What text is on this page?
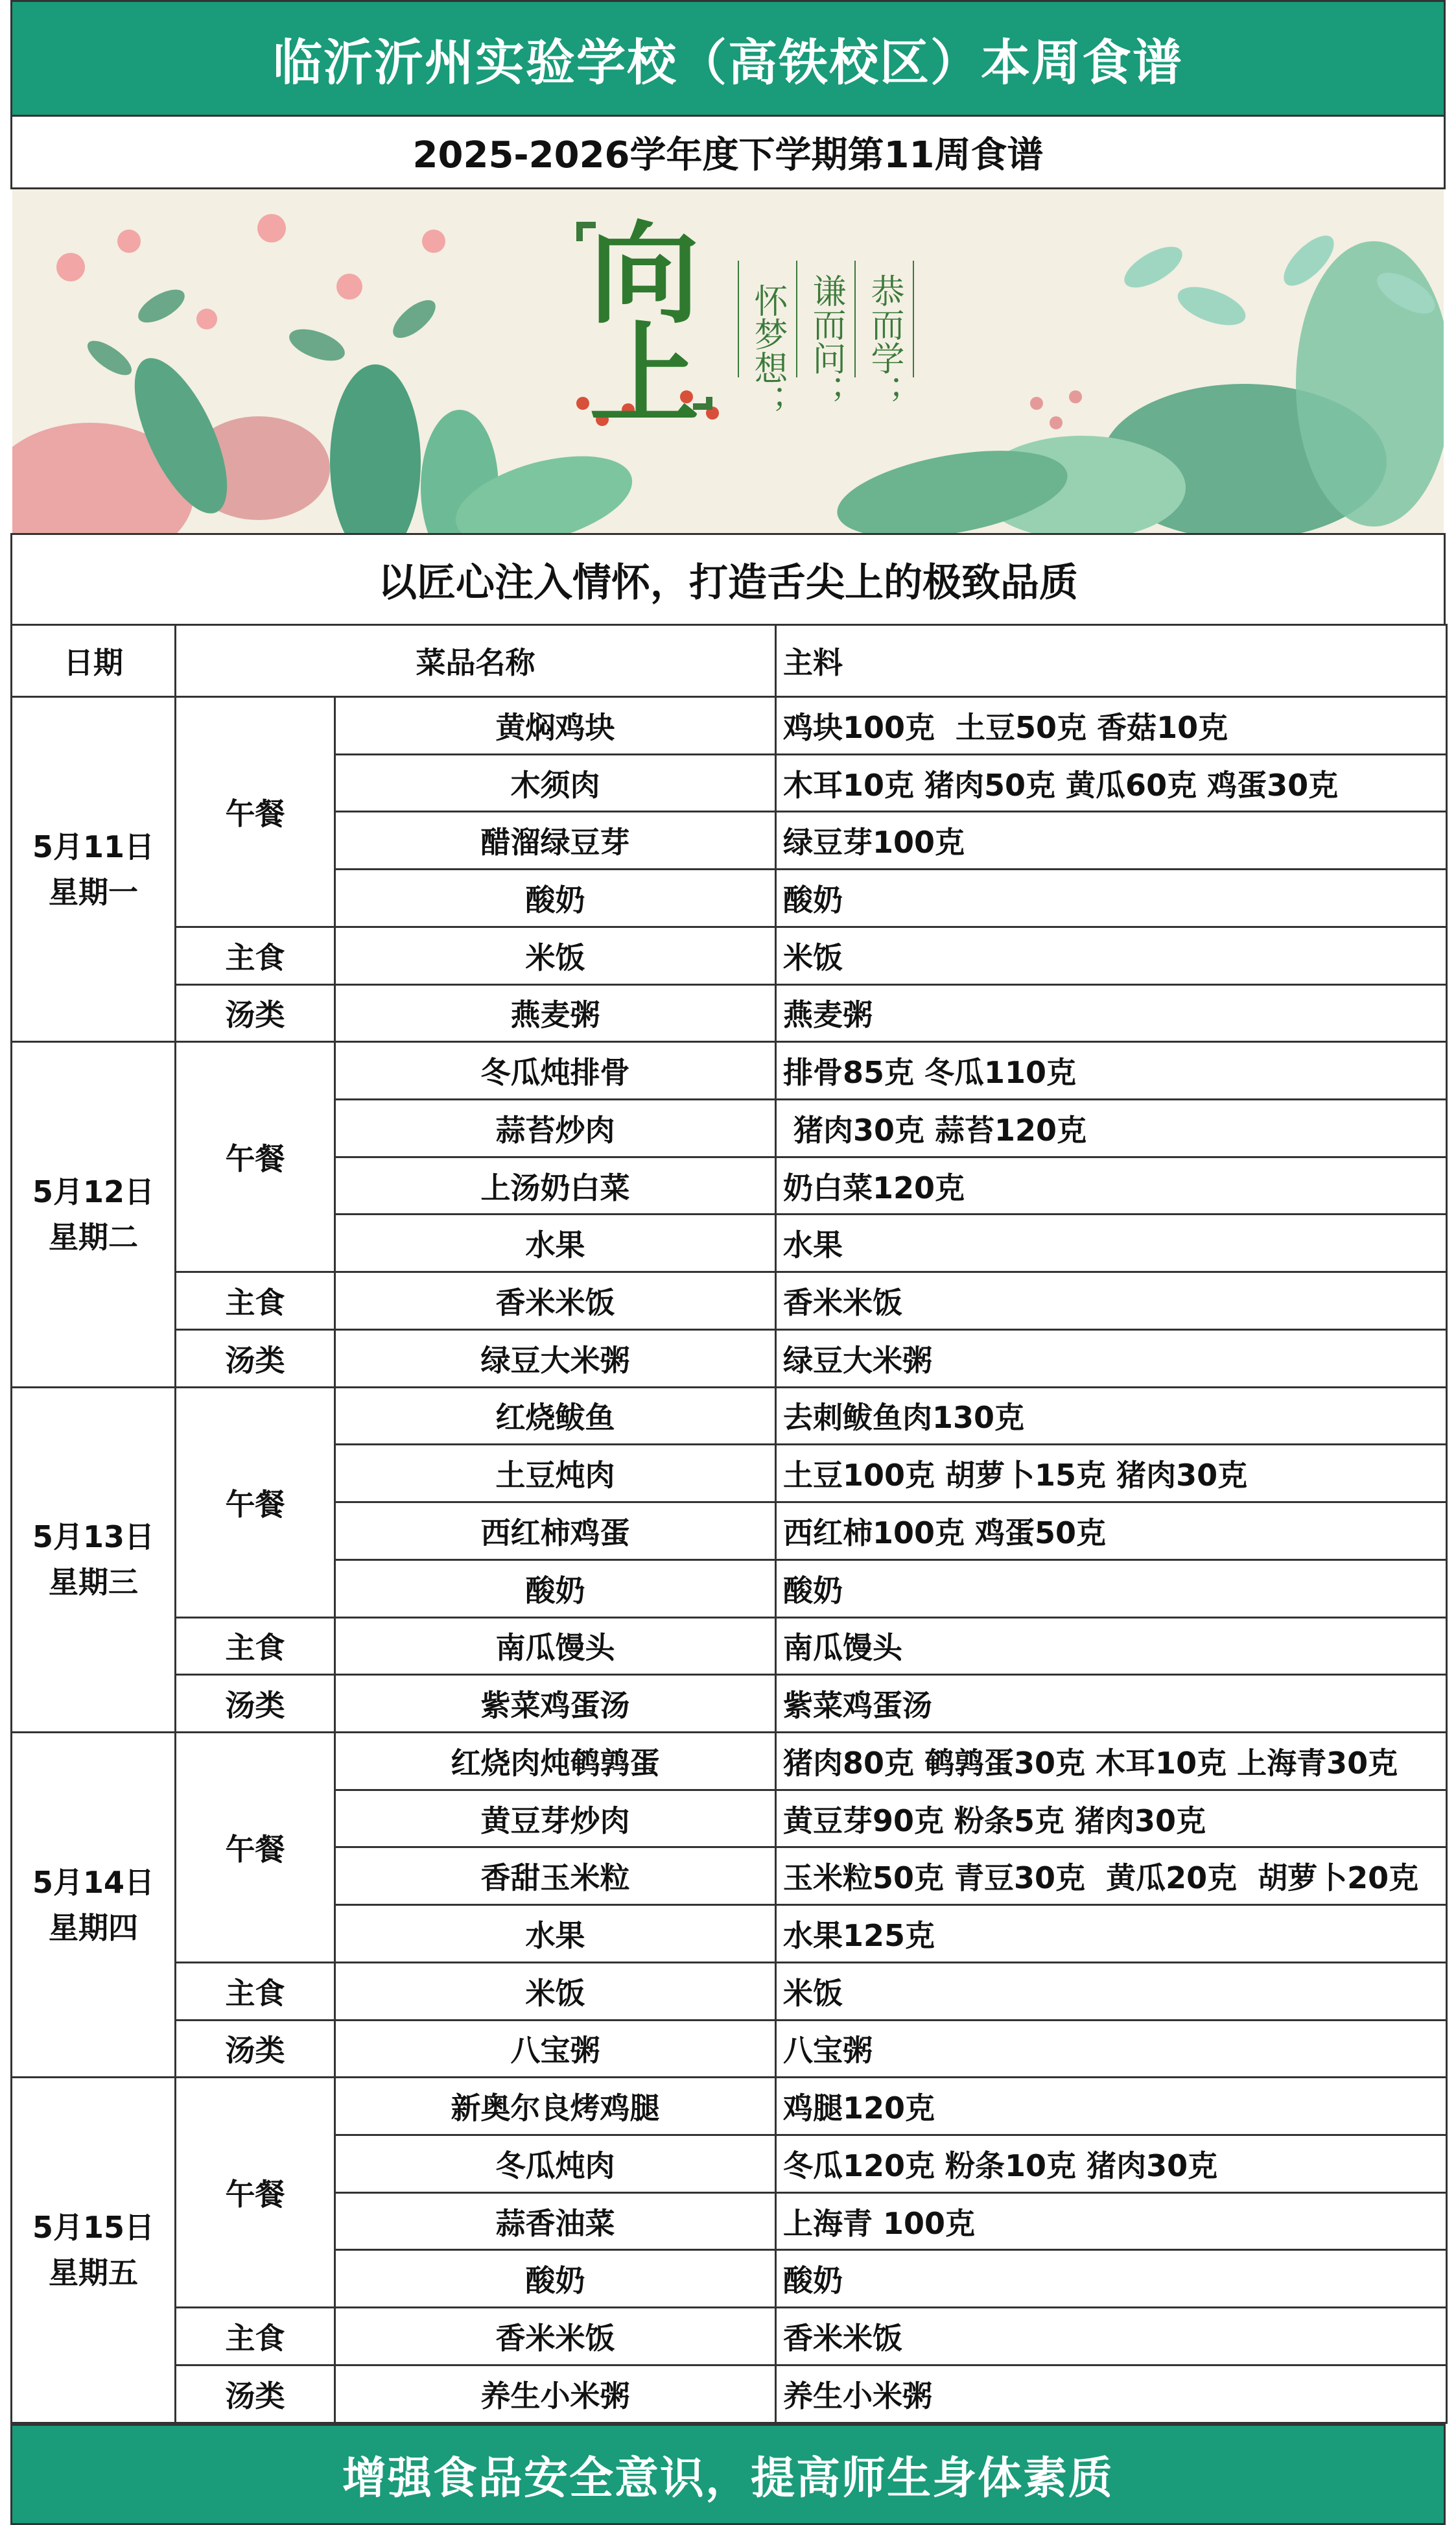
临沂沂州实验学校（高铁校区）本周食谱
2025-2026学年度下学期第11周食谱
向
上	恭而学；
谦而问；
怀梦想；
以匠心注入情怀，打造舌尖上的极致品质
日期	菜品名称		主料

5月11日
星期一	午餐	黄焖鸡块	鸡块100克  土豆50克 香菇10克
		木须肉	木耳10克 猪肉50克 黄瓜60克 鸡蛋30克
		醋溜绿豆芽	绿豆芽100克
		酸奶	酸奶
	主食	米饭	米饭
	汤类	燕麦粥	燕麦粥

5月12日
星期二	午餐	冬瓜炖排骨	排骨85克 冬瓜110克
		蒜苔炒肉	猪肉30克 蒜苔120克
		上汤奶白菜	奶白菜120克
		水果	水果
	主食	香米米饭	香米米饭
	汤类	绿豆大米粥	绿豆大米粥

5月13日
星期三	午餐	红烧鲅鱼	去刺鲅鱼肉130克
		土豆炖肉	土豆100克 胡萝卜15克 猪肉30克
		西红柿鸡蛋	西红柿100克 鸡蛋50克
		酸奶	酸奶
	主食	南瓜馒头	南瓜馒头
	汤类	紫菜鸡蛋汤	紫菜鸡蛋汤

5月14日
星期四	午餐	红烧肉炖鹌鹑蛋	猪肉80克 鹌鹑蛋30克 木耳10克 上海青30克
		黄豆芽炒肉	黄豆芽90克 粉条5克 猪肉30克
		香甜玉米粒	玉米粒50克 青豆30克  黄瓜20克  胡萝卜20克
		水果	水果125克
	主食	米饭	米饭
	汤类	八宝粥	八宝粥

5月15日
星期五	午餐	新奥尔良烤鸡腿	鸡腿120克
		冬瓜炖肉	冬瓜120克 粉条10克 猪肉30克
		蒜香油菜	上海青 100克
		酸奶	酸奶
	主食	香米米饭	香米米饭
	汤类	养生小米粥	养生小米粥
增强食品安全意识，提高师生身体素质
